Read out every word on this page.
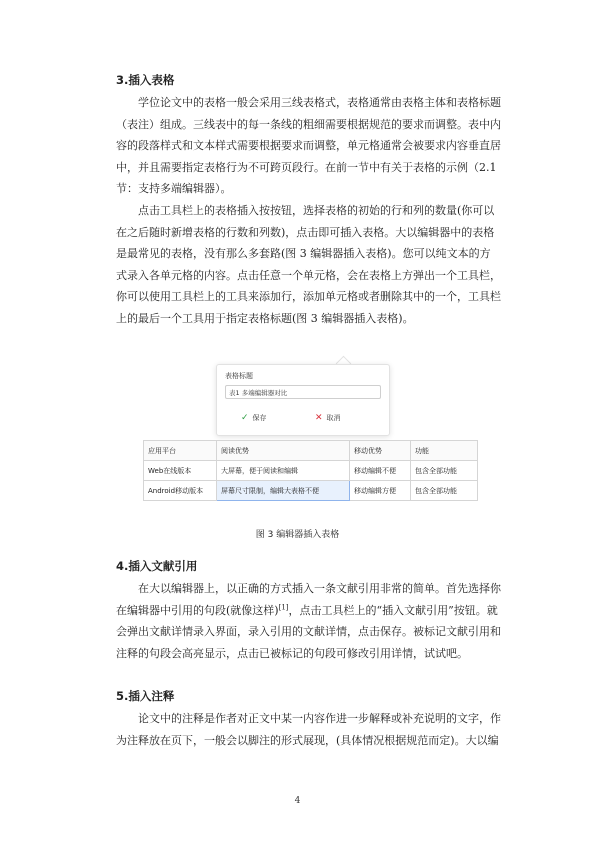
3.插入表格
学位论文中的表格一般会采用三线表格式，表格通常由表格主体和表格标题
（表注）组成。三线表中的每一条线的粗细需要根据规范的要求而调整。表中内
容的段落样式和文本样式需要根据要求而调整，单元格通常会被要求内容垂直居
中，并且需要指定表格行为不可跨页段行。在前一节中有关于表格的示例（2.1
节：支持多端编辑器）。
点击工具栏上的表格插入按按钮，选择表格的初始的行和列的数量(你可以
在之后随时新增表格的行数和列数)，点击即可插入表格。大以编辑器中的表格
是最常见的表格，没有那么多套路(图 3 编辑器插入表格)。您可以纯文本的方
式录入各单元格的内容。点击任意一个单元格，会在表格上方弹出一个工具栏，
你可以使用工具栏上的工具来添加行，添加单元格或者删除其中的一个，工具栏
上的最后一个工具用于指定表格标题(图 3 编辑器插入表格)。
表格标题
表1 多端编辑器对比
✓ 保存	✕ 取消
应用平台	阅读优势	移动优势	功能
Web在线版本	大屏幕，便于阅读和编辑	移动编辑不便	包含全部功能
Android移动版本	屏幕尺寸限制，编辑大表格不便	移动编辑方便	包含全部功能
图 3 编辑器插入表格
4.插入文献引用
在大以编辑器上，以正确的方式插入一条文献引用非常的简单。首先选择你
在编辑器中引用的句段(就像这样)[1]，点击工具栏上的“插入文献引用”按钮。就
会弹出文献详情录入界面，录入引用的文献详情，点击保存。被标记文献引用和
注释的句段会高亮显示，点击已被标记的句段可修改引用详情，试试吧。
5.插入注释
论文中的注释是作者对正文中某一内容作进一步解释或补充说明的文字，作
为注释放在页下，一般会以脚注的形式展现，(具体情况根据规范而定)。大以编
4
